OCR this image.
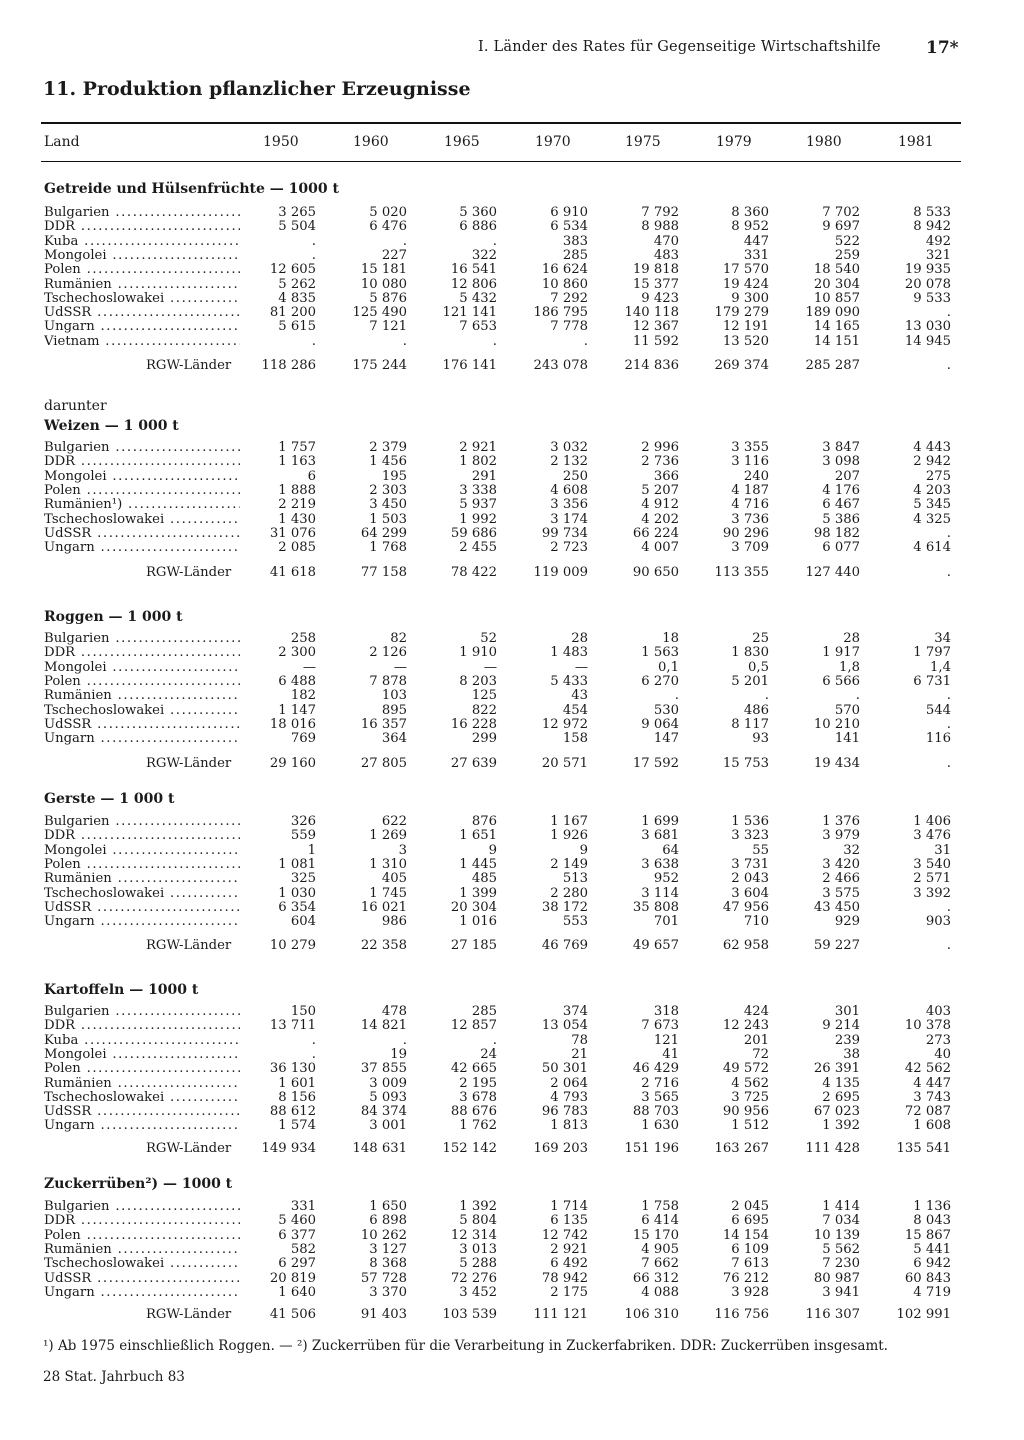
I. Länder des Rates für Gegenseitige Wirtschaftshilfe	17*
11. Produktion pflanzlicher Erzeugnisse
Land	1950	1960	1965	1970	1975	1979	1980	1981
Getreide und Hülsenfrüchte — 1000 t
Bulgarien .....	3 265	5 020	5 360	6 910	7 792	8 360	7 702	8 533
DDR .....	5 504	6 476	6 886	6 534	8 988	8 952	9 697	8 942
Kuba .....	.	.	.	383	470	447	522	492
Mongolei .....	.	227	322	285	483	331	259	321
Polen .....	12 605	15 181	16 541	16 624	19 818	17 570	18 540	19 935
Rumänien .....	5 262	10 080	12 806	10 860	15 377	19 424	20 304	20 078
Tschechoslowakei .....	4 835	5 876	5 432	7 292	9 423	9 300	10 857	9 533
UdSSR .....	81 200	125 490	121 141	186 795	140 118	179 279	189 090	.
Ungarn .....	5 615	7 121	7 653	7 778	12 367	12 191	14 165	13 030
Vietnam .....	.	.	.	.	11 592	13 520	14 151	14 945
RGW-Länder	118 286	175 244	176 141	243 078	214 836	269 374	285 287	.
darunter
Weizen — 1 000 t
Bulgarien .....	1 757	2 379	2 921	3 032	2 996	3 355	3 847	4 443
DDR .....	1 163	1 456	1 802	2 132	2 736	3 116	3 098	2 942
Mongolei .....	6	195	291	250	366	240	207	275
Polen .....	1 888	2 303	3 338	4 608	5 207	4 187	4 176	4 203
Rumänien¹) .....	2 219	3 450	5 937	3 356	4 912	4 716	6 467	5 345
Tschechoslowakei .....	1 430	1 503	1 992	3 174	4 202	3 736	5 386	4 325
UdSSR .....	31 076	64 299	59 686	99 734	66 224	90 296	98 182	.
Ungarn .....	2 085	1 768	2 455	2 723	4 007	3 709	6 077	4 614
RGW-Länder	41 618	77 158	78 422	119 009	90 650	113 355	127 440	.
Roggen — 1 000 t
Bulgarien .....	258	82	52	28	18	25	28	34
DDR .....	2 300	2 126	1 910	1 483	1 563	1 830	1 917	1 797
Mongolei .....	—	—	—	—	0,1	0,5	1,8	1,4
Polen .....	6 488	7 878	8 203	5 433	6 270	5 201	6 566	6 731
Rumänien .....	182	103	125	43	.	.	.	.
Tschechoslowakei .....	1 147	895	822	454	530	486	570	544
UdSSR .....	18 016	16 357	16 228	12 972	9 064	8 117	10 210	.
Ungarn .....	769	364	299	158	147	93	141	116
RGW-Länder	29 160	27 805	27 639	20 571	17 592	15 753	19 434	.
Gerste — 1 000 t
Bulgarien .....	326	622	876	1 167	1 699	1 536	1 376	1 406
DDR .....	559	1 269	1 651	1 926	3 681	3 323	3 979	3 476
Mongolei .....	1	3	9	9	64	55	32	31
Polen .....	1 081	1 310	1 445	2 149	3 638	3 731	3 420	3 540
Rumänien .....	325	405	485	513	952	2 043	2 466	2 571
Tschechoslowakei .....	1 030	1 745	1 399	2 280	3 114	3 604	3 575	3 392
UdSSR .....	6 354	16 021	20 304	38 172	35 808	47 956	43 450	.
Ungarn .....	604	986	1 016	553	701	710	929	903
RGW-Länder	10 279	22 358	27 185	46 769	49 657	62 958	59 227	.
Kartoffeln — 1000 t
Bulgarien .....	150	478	285	374	318	424	301	403
DDR .....	13 711	14 821	12 857	13 054	7 673	12 243	9 214	10 378
Kuba .....	.	.	.	78	121	201	239	273
Mongolei .....	.	19	24	21	41	72	38	40
Polen .....	36 130	37 855	42 665	50 301	46 429	49 572	26 391	42 562
Rumänien .....	1 601	3 009	2 195	2 064	2 716	4 562	4 135	4 447
Tschechoslowakei .....	8 156	5 093	3 678	4 793	3 565	3 725	2 695	3 743
UdSSR .....	88 612	84 374	88 676	96 783	88 703	90 956	67 023	72 087
Ungarn .....	1 574	3 001	1 762	1 813	1 630	1 512	1 392	1 608
RGW-Länder	149 934	148 631	152 142	169 203	151 196	163 267	111 428	135 541
Zuckerrüben²) — 1000 t
Bulgarien .....	331	1 650	1 392	1 714	1 758	2 045	1 414	1 136
DDR .....	5 460	6 898	5 804	6 135	6 414	6 695	7 034	8 043
Polen .....	6 377	10 262	12 314	12 742	15 170	14 154	10 139	15 867
Rumänien .....	582	3 127	3 013	2 921	4 905	6 109	5 562	5 441
Tschechoslowakei .....	6 297	8 368	5 288	6 492	7 662	7 613	7 230	6 942
UdSSR .....	20 819	57 728	72 276	78 942	66 312	76 212	80 987	60 843
Ungarn .....	1 640	3 370	3 452	2 175	4 088	3 928	3 941	4 719
RGW-Länder	41 506	91 403	103 539	111 121	106 310	116 756	116 307	102 991
¹) Ab 1975 einschließlich Roggen. — ²) Zuckerrüben für die Verarbeitung in Zuckerfabriken. DDR: Zuckerrüben insgesamt.
28 Stat. Jahrbuch 83
